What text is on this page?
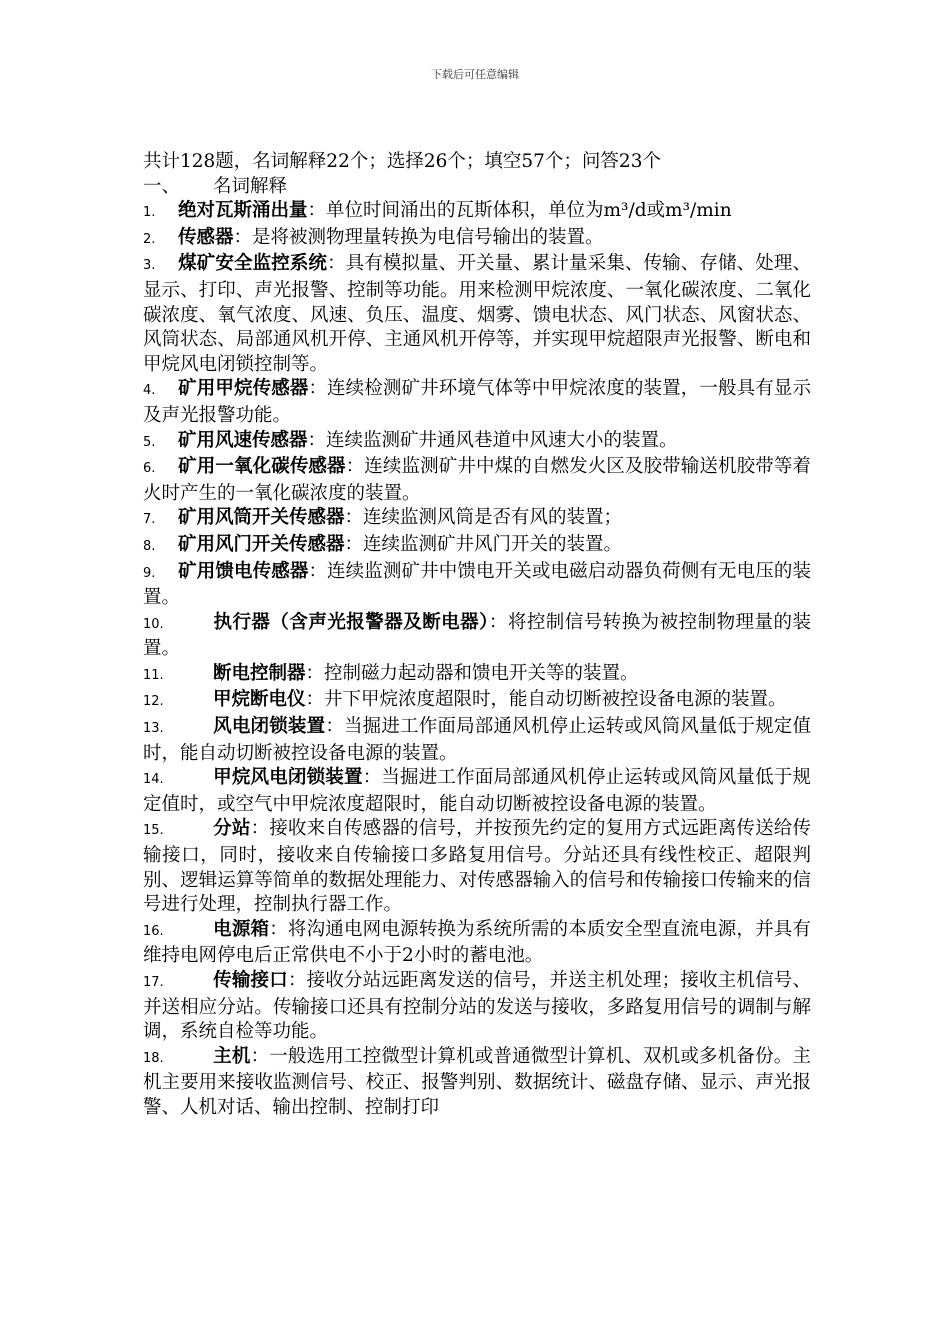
下载后可任意编辑

共计128题，名词解释22个；选择26个；填空57个；问答23个

一、 名词解释

1. 绝对瓦斯涌出量：单位时间涌出的瓦斯体积，单位为m³/d或m³/min

2. 传感器：是将被测物理量转换为电信号输出的装置。

3. 煤矿安全监控系统：具有模拟量、开关量、累计量采集、传输、存储、处理、显示、打印、声光报警、控制等功能。用来检测甲烷浓度、一氧化碳浓度、二氧化碳浓度、氧气浓度、风速、负压、温度、烟雾、馈电状态、风门状态、风窗状态、风筒状态、局部通风机开停、主通风机开停等，并实现甲烷超限声光报警、断电和甲烷风电闭锁控制等。

4. 矿用甲烷传感器：连续检测矿井环境气体等中甲烷浓度的装置，一般具有显示及声光报警功能。

5. 矿用风速传感器：连续监测矿井通风巷道中风速大小的装置。

6. 矿用一氧化碳传感器：连续监测矿井中煤的自燃发火区及胶带输送机胶带等着火时产生的一氧化碳浓度的装置。

7. 矿用风筒开关传感器：连续监测风筒是否有风的装置；

8. 矿用风门开关传感器：连续监测矿井风门开关的装置。

9. 矿用馈电传感器：连续监测矿井中馈电开关或电磁启动器负荷侧有无电压的装置。

10.	执行器（含声光报警器及断电器）：将控制信号转换为被控制物理量的装置。

11.	断电控制器：控制磁力起动器和馈电开关等的装置。

12.	甲烷断电仪：井下甲烷浓度超限时，能自动切断被控设备电源的装置。

13.	风电闭锁装置：当掘进工作面局部通风机停止运转或风筒风量低于规定值时，能自动切断被控设备电源的装置。

14.	甲烷风电闭锁装置：当掘进工作面局部通风机停止运转或风筒风量低于规定值时，或空气中甲烷浓度超限时，能自动切断被控设备电源的装置。

15.	分站：接收来自传感器的信号，并按预先约定的复用方式远距离传送给传输接口，同时，接收来自传输接口多路复用信号。分站还具有线性校正、超限判别、逻辑运算等简单的数据处理能力、对传感器输入的信号和传输接口传输来的信号进行处理，控制执行器工作。

16.	电源箱：将沟通电网电源转换为系统所需的本质安全型直流电源，并具有维持电网停电后正常供电不小于2小时的蓄电池。

17.	传输接口：接收分站远距离发送的信号，并送主机处理；接收主机信号、并送相应分站。传输接口还具有控制分站的发送与接收，多路复用信号的调制与解调，系统自检等功能。

18.	主机：一般选用工控微型计算机或普通微型计算机、双机或多机备份。主机主要用来接收监测信号、校正、报警判别、数据统计、磁盘存储、显示、声光报警、人机对话、输出控制、控制打印
